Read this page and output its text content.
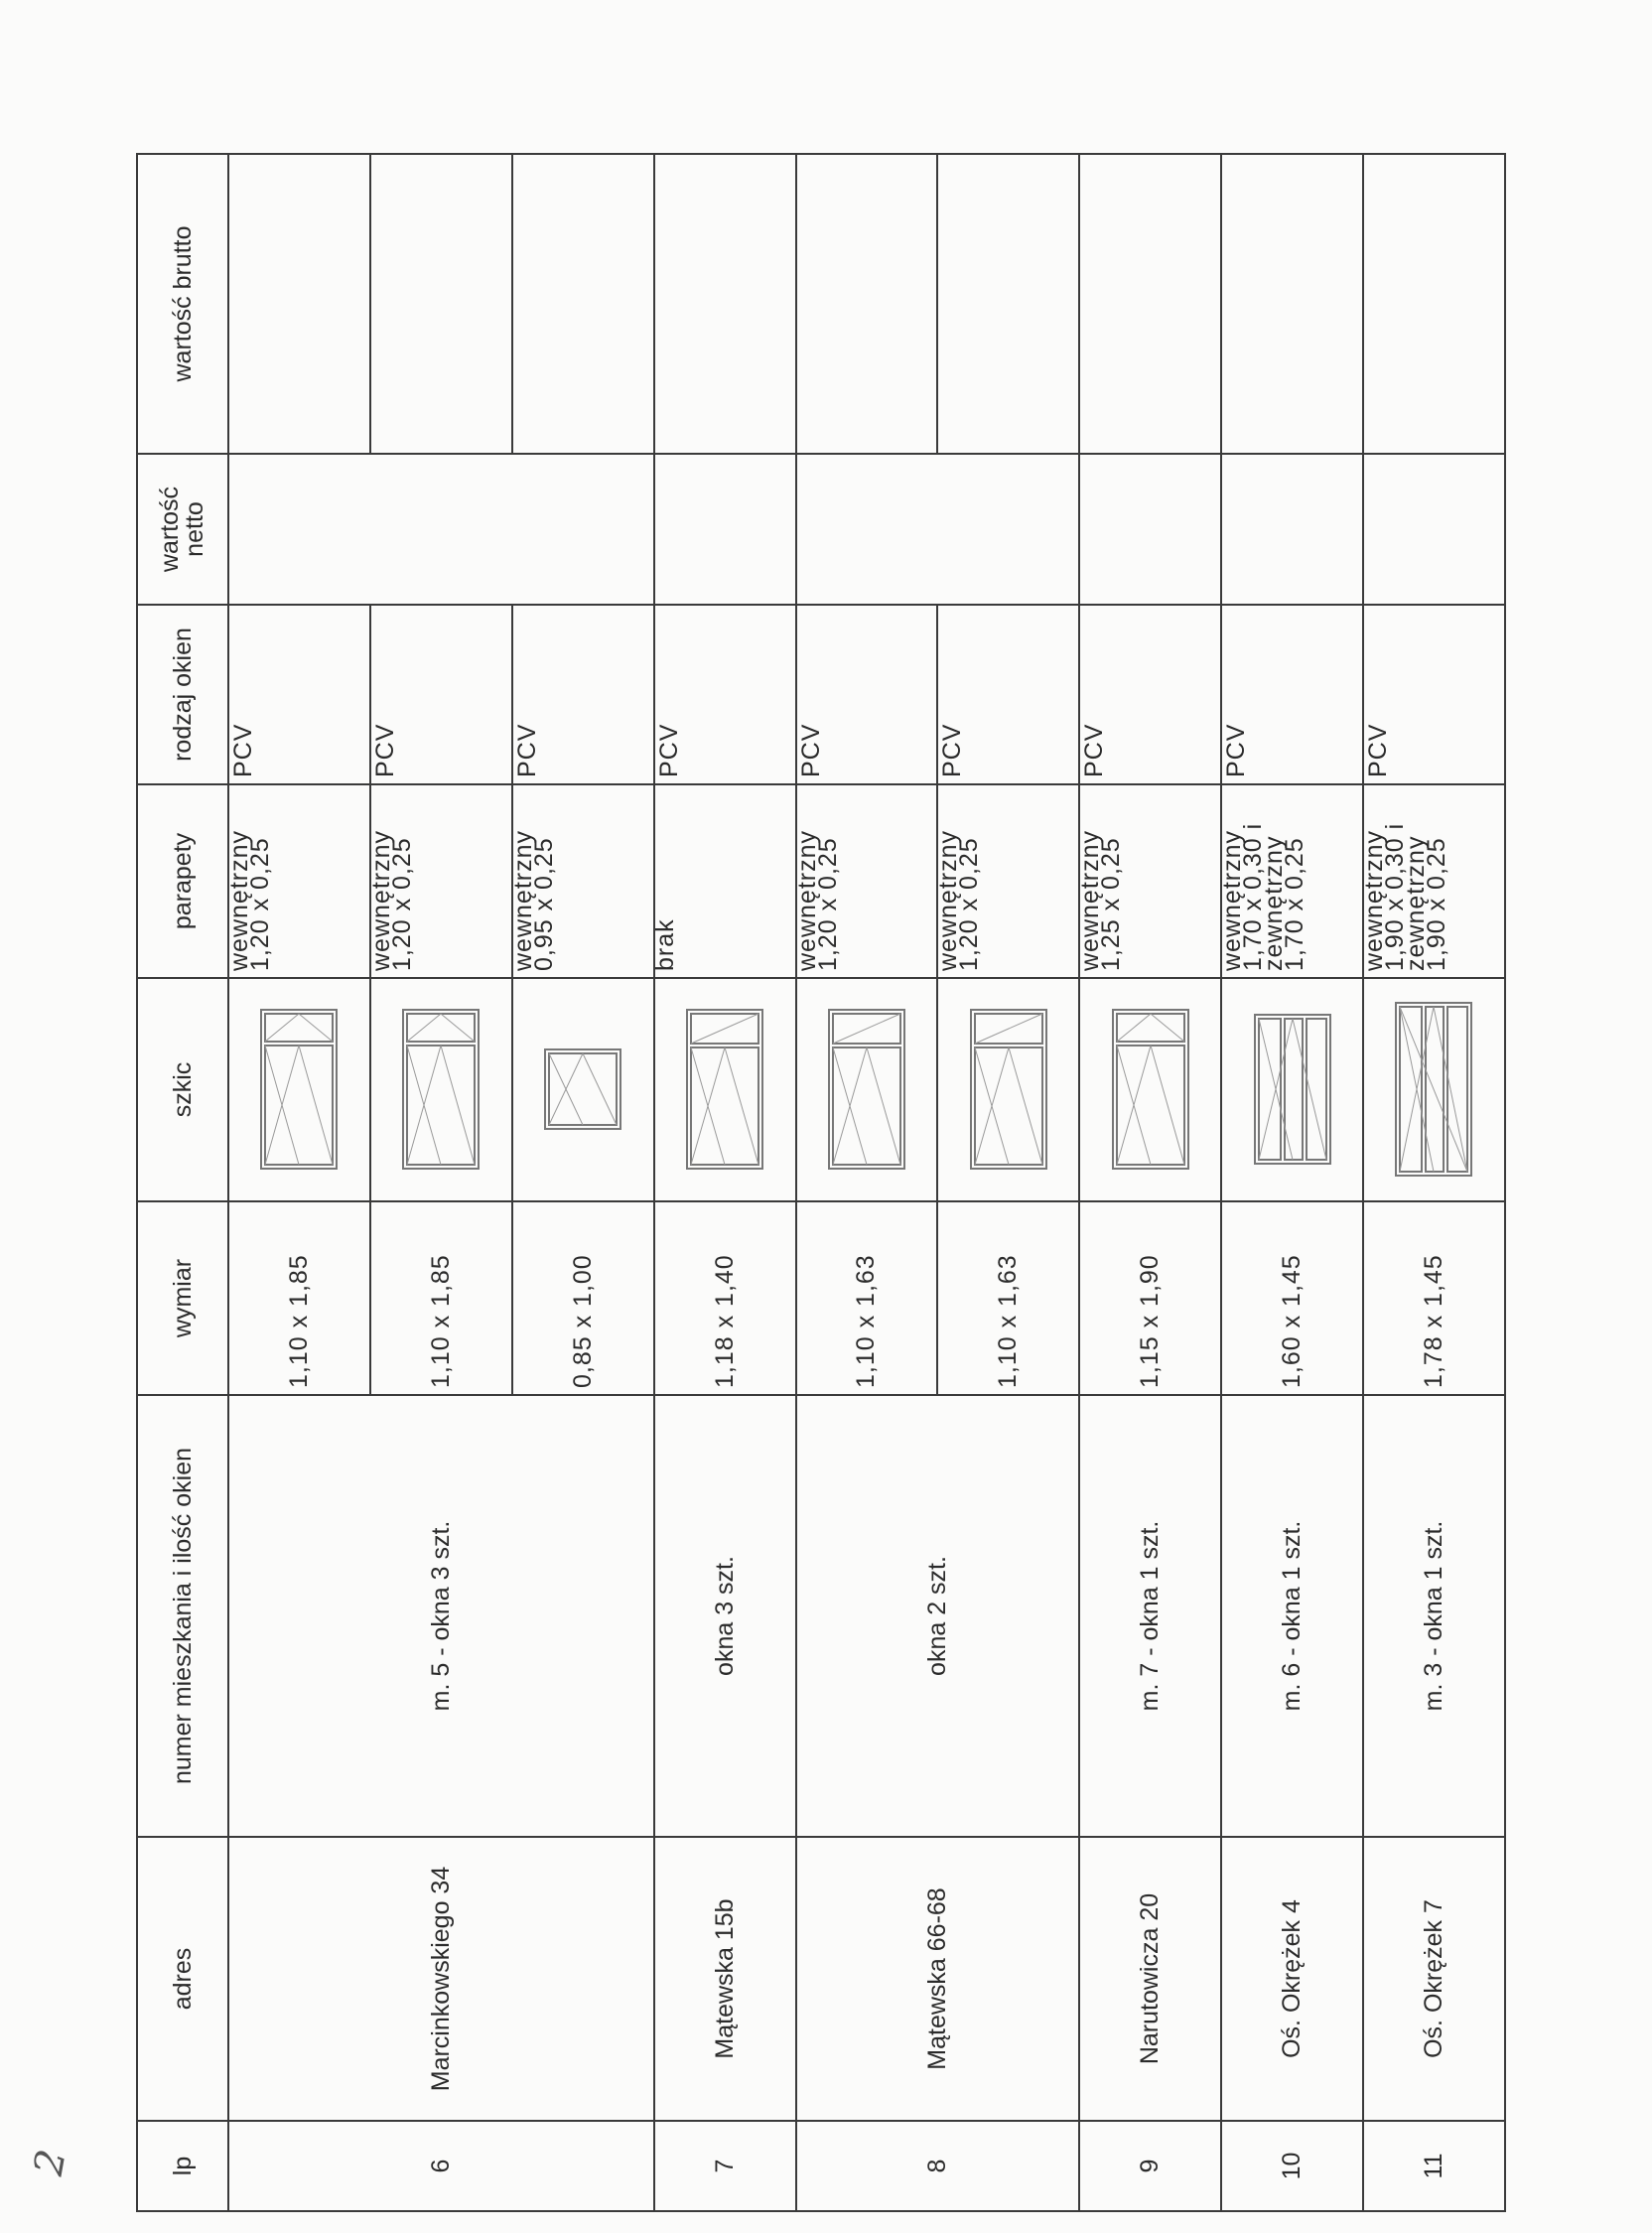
lp	adres	numer mieszkania i ilość okien	wymiar	szkic	parapety	rodzaj okien	wartość netto	wartość brutto
6	Marcinkowskiego 34	m. 5 - okna 3 szt.	1,10 x 1,85		wewnętrzny
1,20 x 0,25	PCV		
			1,10 x 1,85		wewnętrzny
1,20 x 0,25	PCV		
			0,85 x 1,00		wewnętrzny
0,95 x 0,25	PCV		
7	Mątewska 15b	okna 3 szt.	1,18 x 1,40		brak	PCV		
8	Mątewska 66-68	okna 2 szt.	1,10 x 1,63		wewnętrzny
1,20 x 0,25	PCV		
			1,10 x 1,63		wewnętrzny
1,20 x 0,25	PCV		
9	Narutowicza 20	m. 7 - okna 1 szt.	1,15 x 1,90		wewnętrzny
1,25 x 0,25	PCV		
10	Oś. Okrężek 4	m. 6 - okna 1 szt.	1,60 x 1,45		wewnętrzny
1,70 x 0,30 i
zewnętrzny
1,70 x 0,25	PCV		
11	Oś. Okrężek 7	m. 3 - okna 1 szt.	1,78 x 1,45		wewnętrzny
1,90 x 0,30 i
zewnętrzny
1,90 x 0,25	PCV		
2
